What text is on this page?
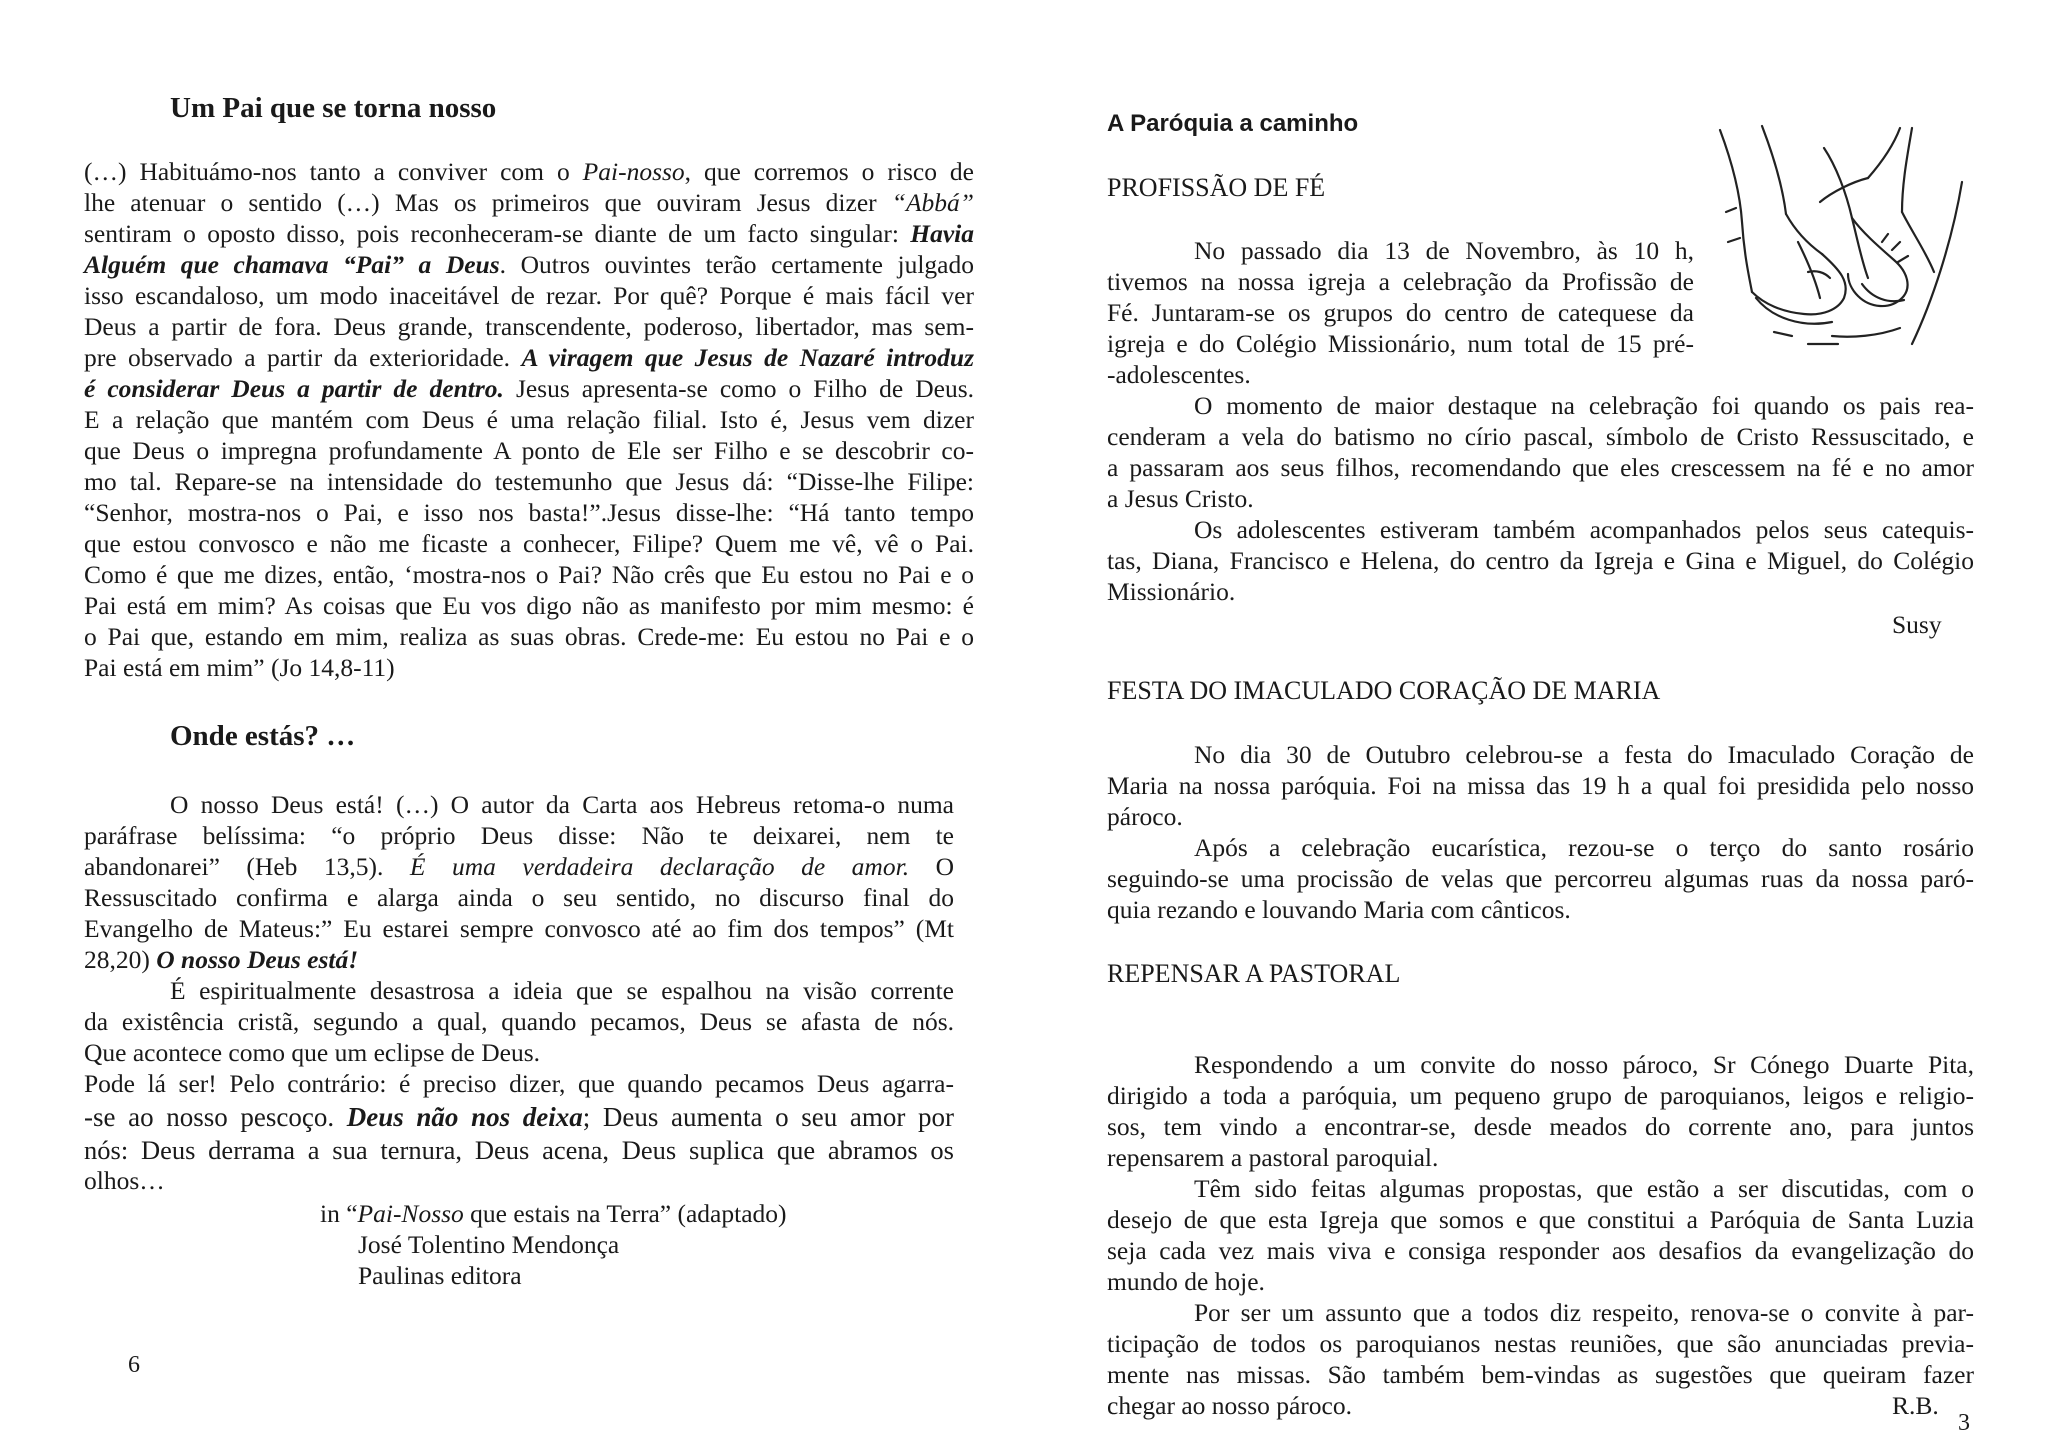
Um Pai que se torna nosso
(…) Habituámo-nos tanto a conviver com o Pai-nosso, que corremos o risco de
lhe atenuar o sentido (…) Mas os primeiros que ouviram Jesus dizer “Abbá”
sentiram o oposto disso, pois reconheceram-se diante de um facto singular: Havia
Alguém que chamava “Pai” a Deus. Outros ouvintes terão certamente julgado
isso escandaloso, um modo inaceitável de rezar. Por quê? Porque é mais fácil ver
Deus a partir de fora. Deus grande, transcendente, poderoso, libertador, mas sem-
pre observado a partir da exterioridade. A viragem que Jesus de Nazaré introduz
é considerar Deus a partir de dentro. Jesus apresenta-se como o Filho de Deus.
E a relação que mantém com Deus é uma relação filial. Isto é, Jesus vem dizer
que Deus o impregna profundamente A ponto de Ele ser Filho e se descobrir co-
mo tal. Repare-se na intensidade do testemunho que Jesus dá: “Disse-lhe Filipe:
“Senhor, mostra-nos o Pai, e isso nos basta!”.Jesus disse-lhe: “Há tanto tempo
que estou convosco e não me ficaste a conhecer, Filipe? Quem me vê, vê o Pai.
Como é que me dizes, então, ‘mostra-nos o Pai? Não crês que Eu estou no Pai e o
Pai está em mim? As coisas que Eu vos digo não as manifesto por mim mesmo: é
o Pai que, estando em mim, realiza as suas obras. Crede-me: Eu estou no Pai e o
Pai está em mim” (Jo 14,8-11)
Onde estás? …
O nosso Deus está! (…) O autor da Carta aos Hebreus retoma-o numa
paráfrase belíssima: “o próprio Deus disse: Não te deixarei, nem te
abandonarei” (Heb 13,5). É uma verdadeira declaração de amor. O
Ressuscitado confirma e alarga ainda o seu sentido, no discurso final do
Evangelho de Mateus:” Eu estarei sempre convosco até ao fim dos tempos” (Mt
28,20) O nosso Deus está!
É espiritualmente desastrosa a ideia que se espalhou na visão corrente
da existência cristã, segundo a qual, quando pecamos, Deus se afasta de nós.
Que acontece como que um eclipse de Deus.
Pode lá ser! Pelo contrário: é preciso dizer, que quando pecamos Deus agarra-
-se ao nosso pescoço. Deus não nos deixa; Deus aumenta o seu amor por
nós: Deus derrama a sua ternura, Deus acena, Deus suplica que abramos os
olhos…
in “Pai-Nosso que estais na Terra” (adaptado)
José Tolentino Mendonça
Paulinas editora
6
A Paróquia a caminho
PROFISSÃO DE FÉ
No passado dia 13 de Novembro, às 10 h,
tivemos na nossa igreja a celebração da Profissão de
Fé. Juntaram-se os grupos do centro de catequese da
igreja e do Colégio Missionário, num total de 15 pré-
-adolescentes.
O momento de maior destaque na celebração foi quando os pais rea-
cenderam a vela do batismo no círio pascal, símbolo de Cristo Ressuscitado, e
a passaram aos seus filhos, recomendando que eles crescessem na fé e no amor
a Jesus Cristo.
Os adolescentes estiveram também acompanhados pelos seus catequis-
tas, Diana, Francisco e Helena, do centro da Igreja e Gina e Miguel, do Colégio
Missionário.
Susy
FESTA DO IMACULADO CORAÇÃO DE MARIA
No dia 30 de Outubro celebrou-se a festa do Imaculado Coração de
Maria na nossa paróquia. Foi na missa das 19 h a qual foi presidida pelo nosso
pároco.
Após a celebração eucarística, rezou-se o terço do santo rosário
seguindo-se uma procissão de velas que percorreu algumas ruas da nossa paró-
quia rezando e louvando Maria com cânticos.
REPENSAR A PASTORAL
Respondendo a um convite do nosso pároco, Sr Cónego Duarte Pita,
dirigido a toda a paróquia, um pequeno grupo de paroquianos, leigos e religio-
sos, tem vindo a encontrar-se, desde meados do corrente ano, para juntos
repensarem a pastoral paroquial.
Têm sido feitas algumas propostas, que estão a ser discutidas, com o
desejo de que esta Igreja que somos e que constitui a Paróquia de Santa Luzia
seja cada vez mais viva e consiga responder aos desafios da evangelização do
mundo de hoje.
Por ser um assunto que a todos diz respeito, renova-se o convite à par-
ticipação de todos os paroquianos nestas reuniões, que são anunciadas previa-
mente nas missas. São também bem-vindas as sugestões que queiram fazer
chegar ao nosso pároco.	R.B.
3
